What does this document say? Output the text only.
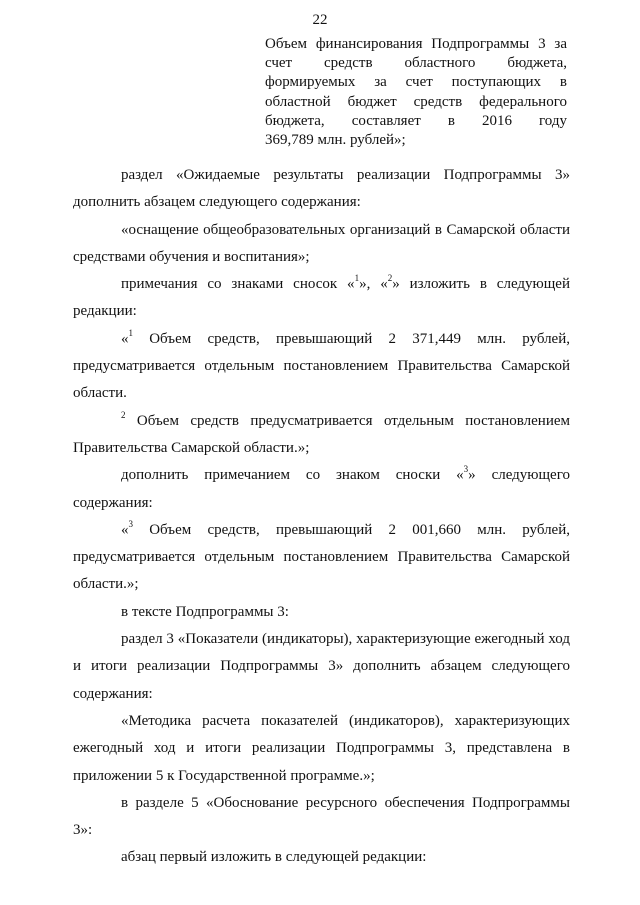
22
Объем финансирования Подпрограммы 3 за
счет средств областного бюджета,
формируемых за счет поступающих в
областной бюджет средств федерального
бюджета, составляет в 2016 году
369,789 млн. рублей»;

раздел «Ожидаемые результаты реализации Подпрограммы 3» дополнить абзацем следующего содержания:

«оснащение общеобразовательных организаций в Самарской области средствами обучения и воспитания»;

примечания со знаками сносок «$^1$», «$^2$» изложить в следующей редакции:

«$^1$ Объем средств, превышающий 2 371,449 млн. рублей, предусматривается отдельным постановлением Правительства Самарской области.

$^2$ Объем средств предусматривается отдельным постановлением Правительства Самарской области.»;

дополнить примечанием со знаком сноски «$^3$» следующего содержания:

«$^3$ Объем средств, превышающий 2 001,660 млн. рублей, предусматривается отдельным постановлением Правительства Самарской области.»;

в тексте Подпрограммы 3:

раздел 3 «Показатели (индикаторы), характеризующие ежегодный ход и итоги реализации Подпрограммы 3» дополнить абзацем следующего содержания:

«Методика расчета показателей (индикаторов), характеризующих ежегодный ход и итоги реализации Подпрограммы 3, представлена в приложении 5 к Государственной программе.»;

в разделе 5 «Обоснование ресурсного обеспечения Подпрограммы 3»:

абзац первый изложить в следующей редакции:
